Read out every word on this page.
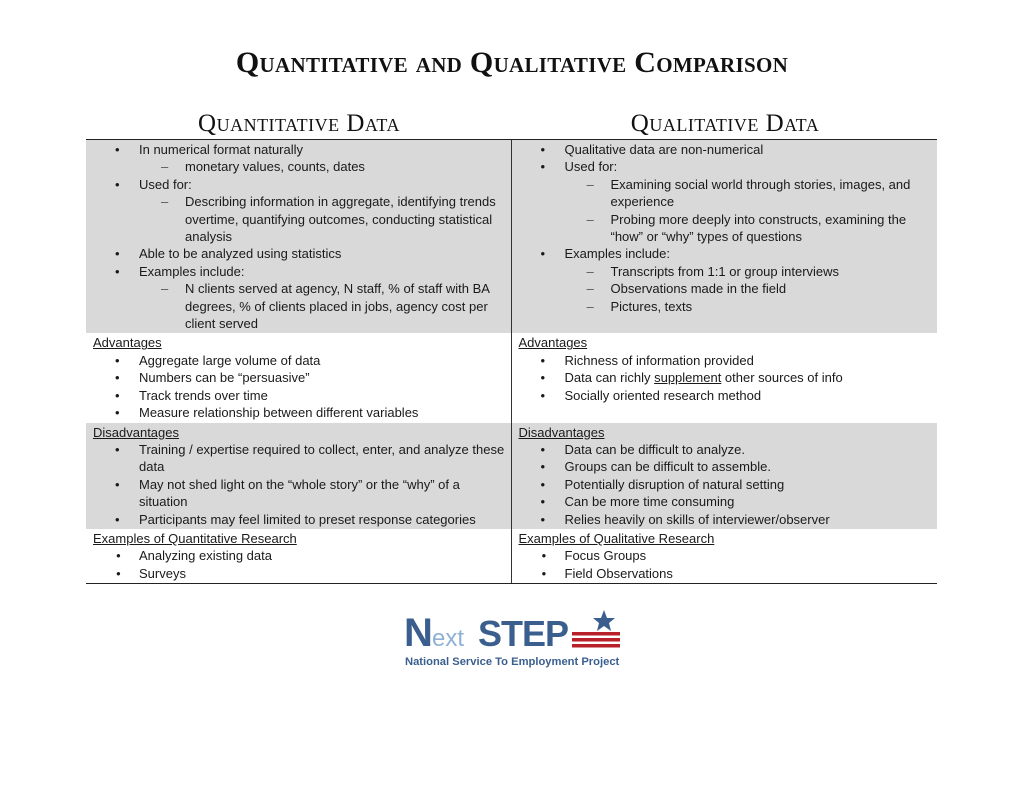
Quantitative and Qualitative Comparison
Quantitative Data	Qualitative Data
• In numerical format naturally
– monetary values, counts, dates
• Used for:
– Describing information in aggregate, identifying trends overtime, quantifying outcomes, conducting statistical analysis
• Able to be analyzed using statistics
• Examples include:
– N clients served at agency, N staff, % of staff with BA degrees, % of clients placed in jobs, agency cost per client served
• Qualitative data are non-numerical
• Used for:
– Examining social world through stories, images, and experience
– Probing more deeply into constructs, examining the “how” or “why” types of questions
• Examples include:
– Transcripts from 1:1 or group interviews
– Observations made in the field
– Pictures, texts
Advantages
• Aggregate large volume of data
• Numbers can be “persuasive”
• Track trends over time
• Measure relationship between different variables
Advantages
• Richness of information provided
• Data can richly supplement other sources of info
• Socially oriented research method
Disadvantages
• Training / expertise required to collect, enter, and analyze these data
• May not shed light on the “whole story” or the “why” of a situation
• Participants may feel limited to preset response categories
Disadvantages
• Data can be difficult to analyze.
• Groups can be difficult to assemble.
• Potentially disruption of natural setting
• Can be more time consuming
• Relies heavily on skills of interviewer/observer
Examples of Quantitative Research
● Analyzing existing data
● Surveys
Examples of Qualitative Research
● Focus Groups
● Field Observations
N ext STEP
National Service To Employment Project
